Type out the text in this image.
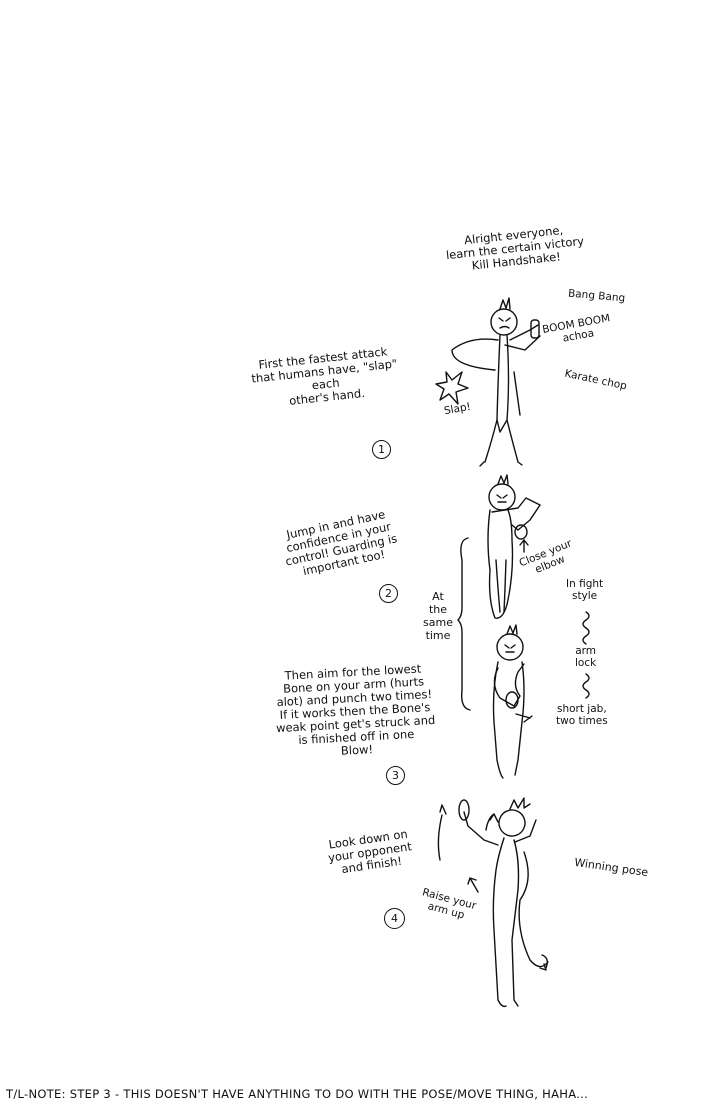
Alright everyone,
learn the certain victory
Kill Handshake!
First the fastest attack
that humans have, "slap" each
other's hand.
Bang Bang
BOOM BOOM
achoa
Karate chop
Slap!
1
Jump in and have
confidence in your
control! Guarding is
important too!	Close your
elbow
At
the
same
time
In fight
style
arm
lock
2
Then aim for the lowest
Bone on your arm (hurts
alot) and punch two times!
If it works then the Bone's
weak point get's struck and
is finished off in one
Blow!
short jab,
two times
3
Look down on
your opponent
and finish!
Raise your
arm up
Winning pose
4
T/L-NOTE: STEP 3 - THIS DOESN'T HAVE ANYTHING TO DO WITH THE POSE/MOVE THING, HAHA...
